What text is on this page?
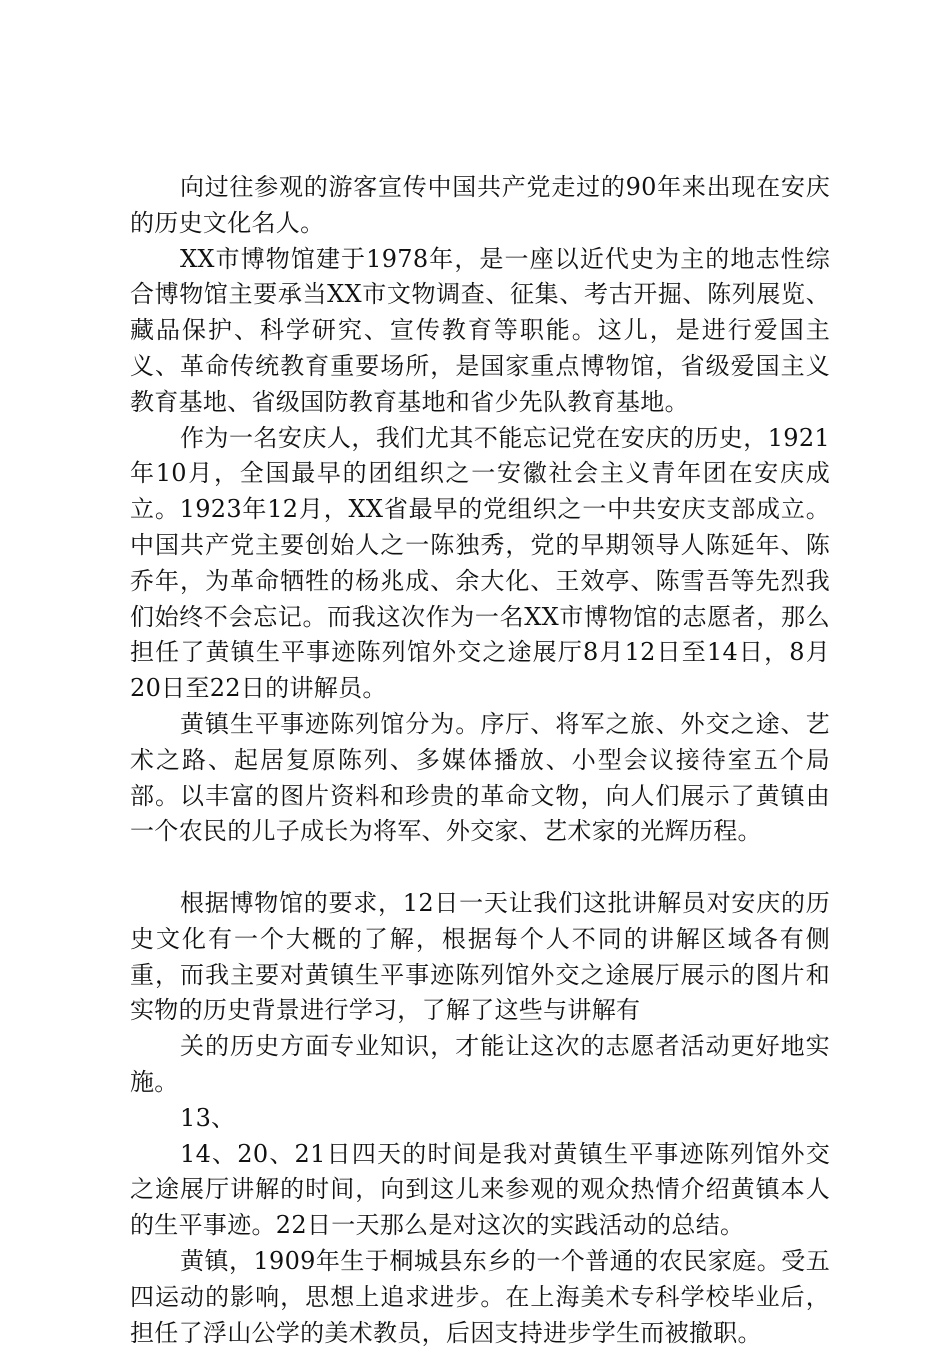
向过往参观的游客宣传中国共产党走过的90年来出现在安庆的历史文化名人。

XX市博物馆建于1978年，是一座以近代史为主的地志性综合博物馆主要承当XX市文物调查、征集、考古开掘、陈列展览、藏品保护、科学研究、宣传教育等职能。这儿，是进行爱国主义、革命传统教育重要场所，是国家重点博物馆，省级爱国主义教育基地、省级国防教育基地和省少先队教育基地。

作为一名安庆人，我们尤其不能忘记党在安庆的历史，1921年10月，全国最早的团组织之一安徽社会主义青年团在安庆成立。1923年12月，XX省最早的党组织之一中共安庆支部成立。中国共产党主要创始人之一陈独秀，党的早期领导人陈延年、陈乔年，为革命牺牲的杨兆成、余大化、王效亭、陈雪吾等先烈我们始终不会忘记。而我这次作为一名XX市博物馆的志愿者，那么担任了黄镇生平事迹陈列馆外交之途展厅8月12日至14日，8月20日至22日的讲解员。

黄镇生平事迹陈列馆分为。序厅、将军之旅、外交之途、艺术之路、起居复原陈列、多媒体播放、小型会议接待室五个局部。以丰富的图片资料和珍贵的革命文物，向人们展示了黄镇由一个农民的儿子成长为将军、外交家、艺术家的光辉历程。

根据博物馆的要求，12日一天让我们这批讲解员对安庆的历史文化有一个大概的了解，根据每个人不同的讲解区域各有侧重，而我主要对黄镇生平事迹陈列馆外交之途展厅展示的图片和实物的历史背景进行学习，了解了这些与讲解有

关的历史方面专业知识，才能让这次的志愿者活动更好地实施。

13、

14、20、21日四天的时间是我对黄镇生平事迹陈列馆外交之途展厅讲解的时间，向到这儿来参观的观众热情介绍黄镇本人的生平事迹。22日一天那么是对这次的实践活动的总结。

黄镇，1909年生于桐城县东乡的一个普通的农民家庭。受五四运动的影响，思想上追求进步。在上海美术专科学校毕业后，担任了浮山公学的美术教员，后因支持进步学生而被撤职。
